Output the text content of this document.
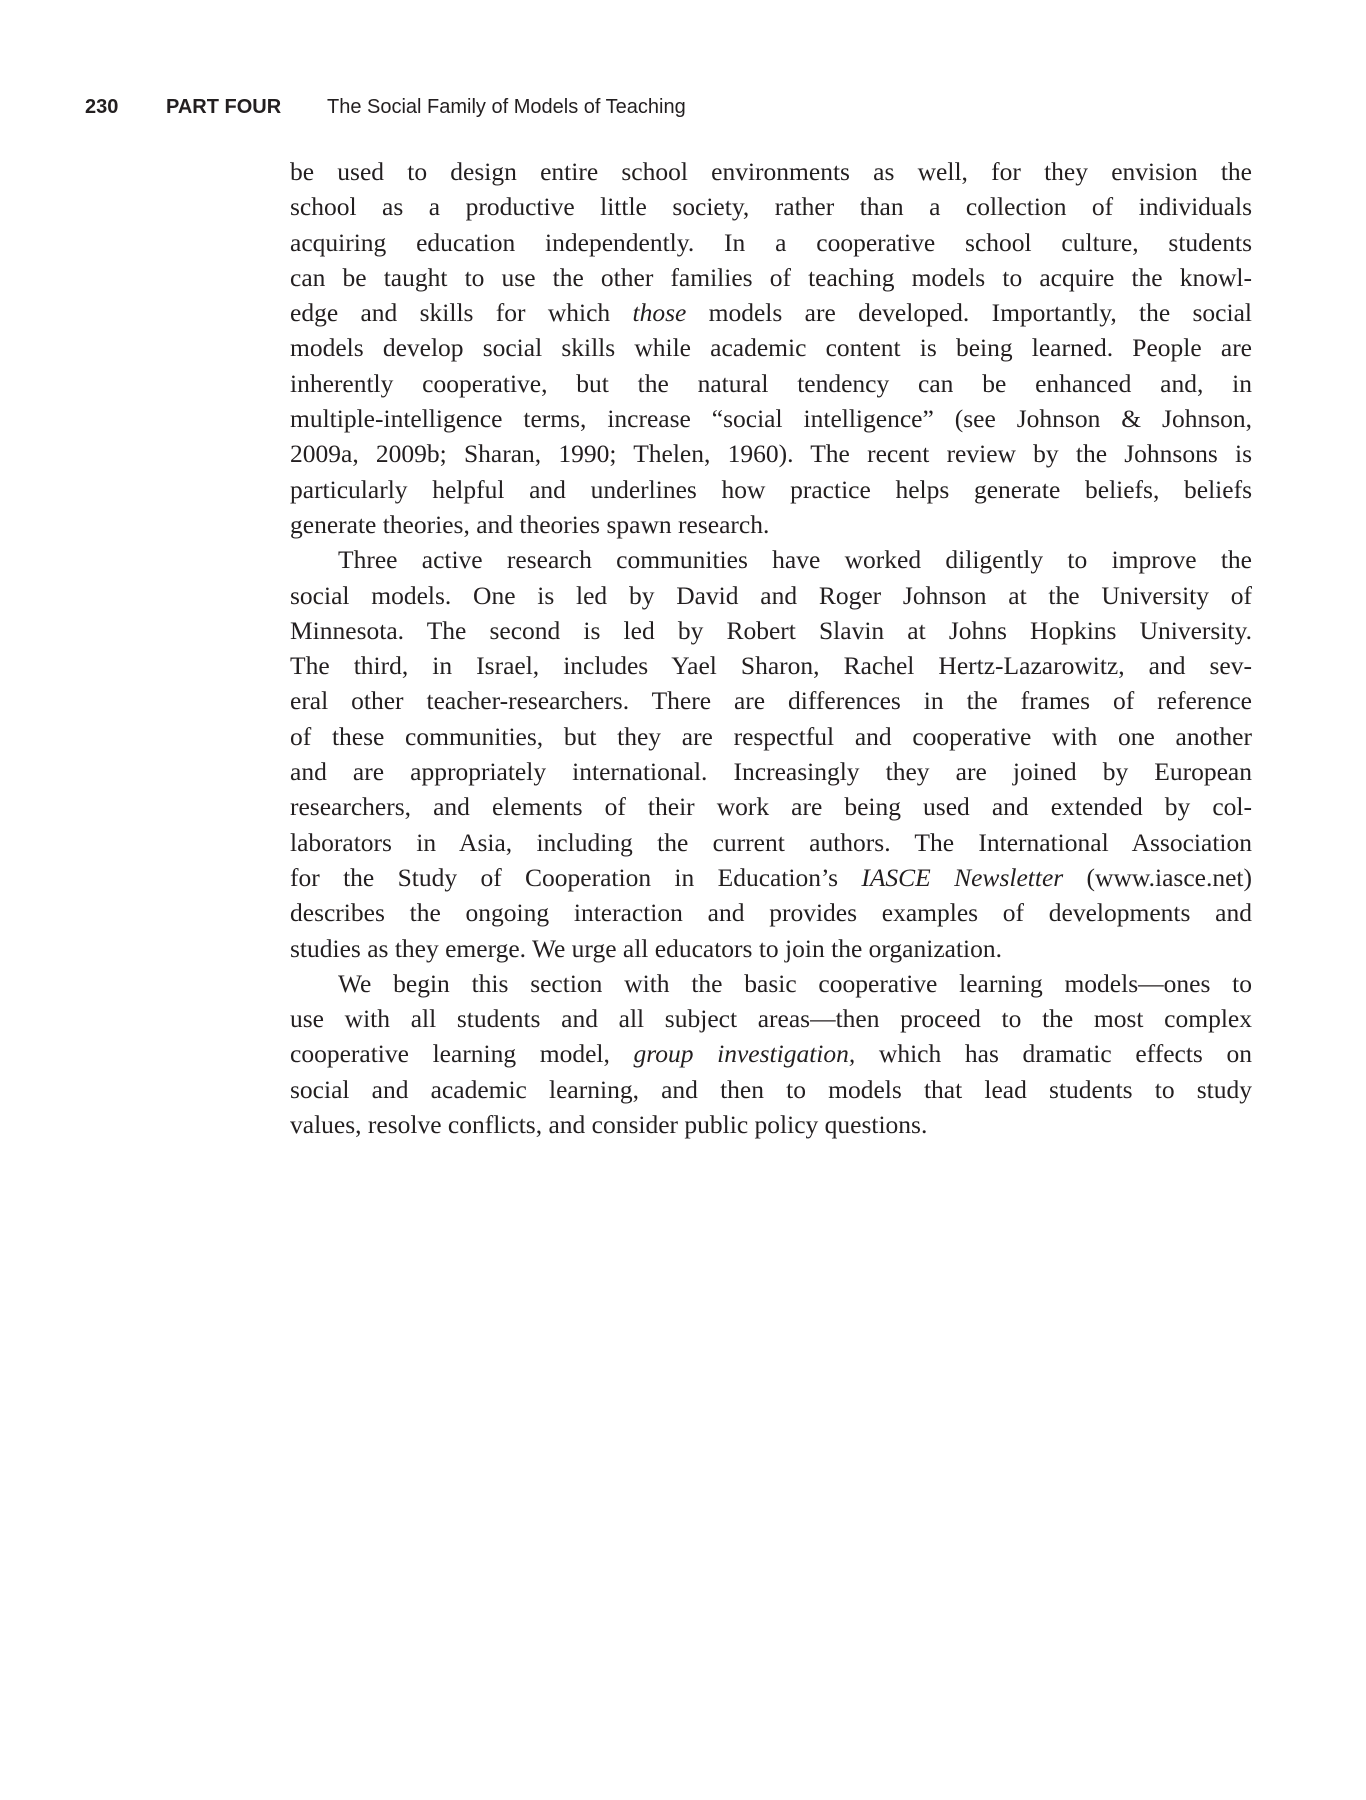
230 PART FOUR The Social Family of Models of Teaching
be used to design entire school environments as well, for they envision the
school as a productive little society, rather than a collection of individuals
acquiring education independently. In a cooperative school culture, students
can be taught to use the other families of teaching models to acquire the knowl-
edge and skills for which those models are developed. Importantly, the social
models develop social skills while academic content is being learned. People are
inherently cooperative, but the natural tendency can be enhanced and, in
multiple-intelligence terms, increase “social intelligence” (see Johnson & Johnson,
2009a, 2009b; Sharan, 1990; Thelen, 1960). The recent review by the Johnsons is
particularly helpful and underlines how practice helps generate beliefs, beliefs
generate theories, and theories spawn research.
Three active research communities have worked diligently to improve the
social models. One is led by David and Roger Johnson at the University of
Minnesota. The second is led by Robert Slavin at Johns Hopkins University.
The third, in Israel, includes Yael Sharon, Rachel Hertz-Lazarowitz, and sev-
eral other teacher-researchers. There are differences in the frames of reference
of these communities, but they are respectful and cooperative with one another
and are appropriately international. Increasingly they are joined by European
researchers, and elements of their work are being used and extended by col-
laborators in Asia, including the current authors. The International Association
for the Study of Cooperation in Education’s IASCE Newsletter (www.iasce.net)
describes the ongoing interaction and provides examples of developments and
studies as they emerge. We urge all educators to join the organization.
We begin this section with the basic cooperative learning models—ones to
use with all students and all subject areas—then proceed to the most complex
cooperative learning model, group investigation, which has dramatic effects on
social and academic learning, and then to models that lead students to study
values, resolve conflicts, and consider public policy questions.
